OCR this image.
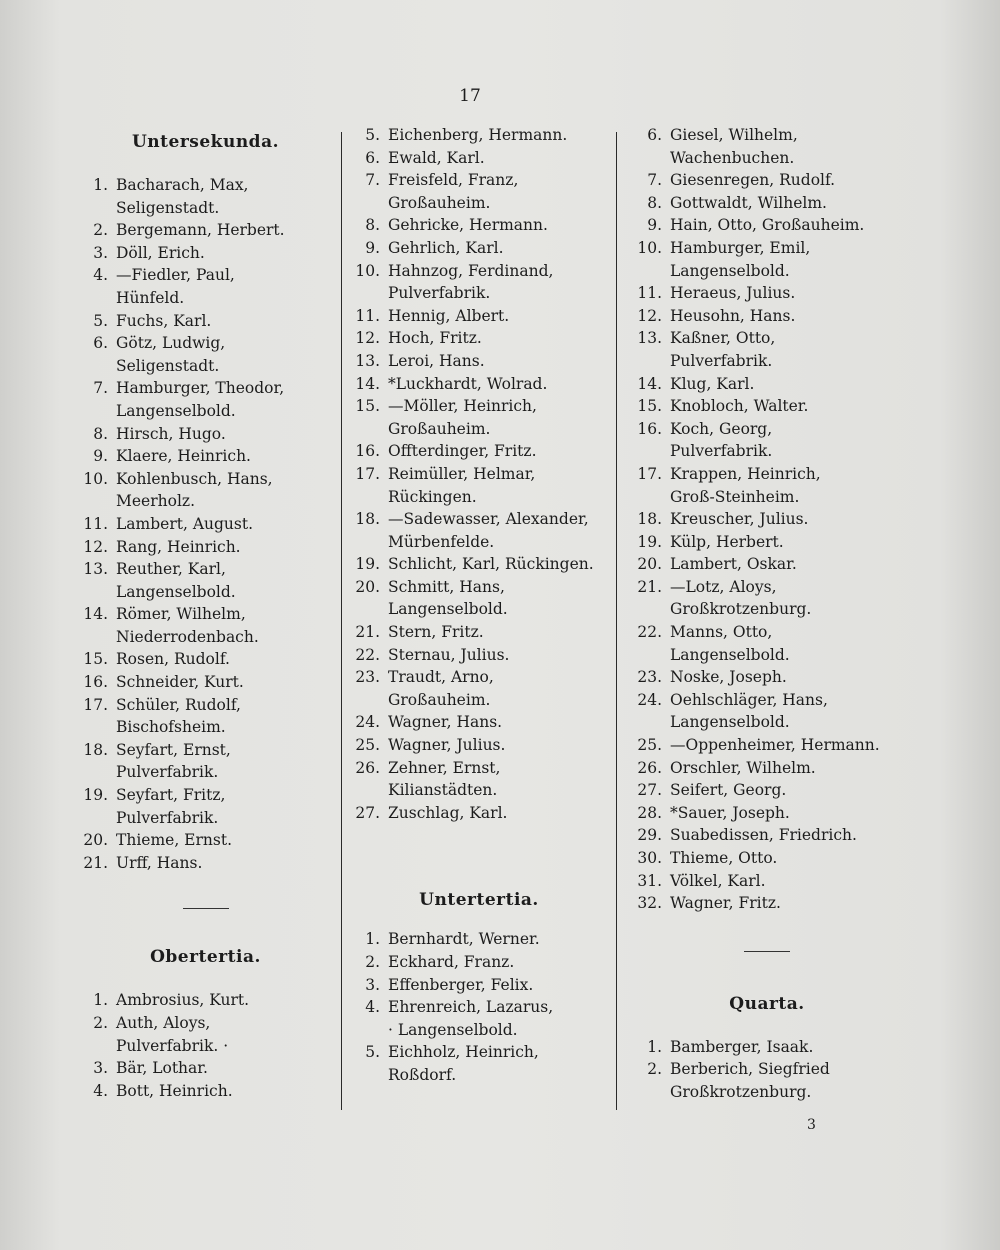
17
Untersekunda.
1. Bacharach, Max,
Seligenstadt.
2. Bergemann, Herbert.
3. Döll, Erich.
4. —Fiedler, Paul,
Hünfeld.
5. Fuchs, Karl.
6. Götz, Ludwig,
Seligenstadt.
7. Hamburger, Theodor,
Langenselbold.
8. Hirsch, Hugo.
9. Klaere, Heinrich.
10. Kohlenbusch, Hans,
Meerholz.
11. Lambert, August.
12. Rang, Heinrich.
13. Reuther, Karl,
Langenselbold.
14. Römer, Wilhelm,
Niederrodenbach.
15. Rosen, Rudolf.
16. Schneider, Kurt.
17. Schüler, Rudolf,
Bischofsheim.
18. Seyfart, Ernst,
Pulverfabrik.
19. Seyfart, Fritz,
Pulverfabrik.
20. Thieme, Ernst.
21. Urff, Hans.
Obertertia.
1. Ambrosius, Kurt.
2. Auth, Aloys,
Pulverfabrik. ·
3. Bär, Lothar.
4. Bott, Heinrich.
5. Eichenberg, Hermann.
6. Ewald, Karl.
7. Freisfeld, Franz,
Großauheim.
8. Gehricke, Hermann.
9. Gehrlich, Karl.
10. Hahnzog, Ferdinand,
Pulverfabrik.
11. Hennig, Albert.
12. Hoch, Fritz.
13. Leroi, Hans.
14. *Luckhardt, Wolrad.
15. —Möller, Heinrich,
Großauheim.
16. Offterdinger, Fritz.
17. Reimüller, Helmar,
Rückingen.
18. —Sadewasser, Alexander,
Mürbenfelde.
19. Schlicht, Karl, Rückingen.
20. Schmitt, Hans,
Langenselbold.
21. Stern, Fritz.
22. Sternau, Julius.
23. Traudt, Arno,
Großauheim.
24. Wagner, Hans.
25. Wagner, Julius.
26. Zehner, Ernst,
Kilianstädten.
27. Zuschlag, Karl.
Untertertia.
1. Bernhardt, Werner.
2. Eckhard, Franz.
3. Effenberger, Felix.
4. Ehrenreich, Lazarus,
· Langenselbold.
5. Eichholz, Heinrich,
Roßdorf.
6. Giesel, Wilhelm,
Wachenbuchen.
7. Giesenregen, Rudolf.
8. Gottwaldt, Wilhelm.
9. Hain, Otto, Großauheim.
10. Hamburger, Emil,
Langenselbold.
11. Heraeus, Julius.
12. Heusohn, Hans.
13. Kaßner, Otto,
Pulverfabrik.
14. Klug, Karl.
15. Knobloch, Walter.
16. Koch, Georg,
Pulverfabrik.
17. Krappen, Heinrich,
Groß-Steinheim.
18. Kreuscher, Julius.
19. Külp, Herbert.
20. Lambert, Oskar.
21. —Lotz, Aloys,
Großkrotzenburg.
22. Manns, Otto,
Langenselbold.
23. Noske, Joseph.
24. Oehlschläger, Hans,
Langenselbold.
25. —Oppenheimer, Hermann.
26. Orschler, Wilhelm.
27. Seifert, Georg.
28. *Sauer, Joseph.
29. Suabedissen, Friedrich.
30. Thieme, Otto.
31. Völkel, Karl.
32. Wagner, Fritz.
Quarta.
1. Bamberger, Isaak.
2. Berberich, Siegfried
Großkrotzenburg.
3
